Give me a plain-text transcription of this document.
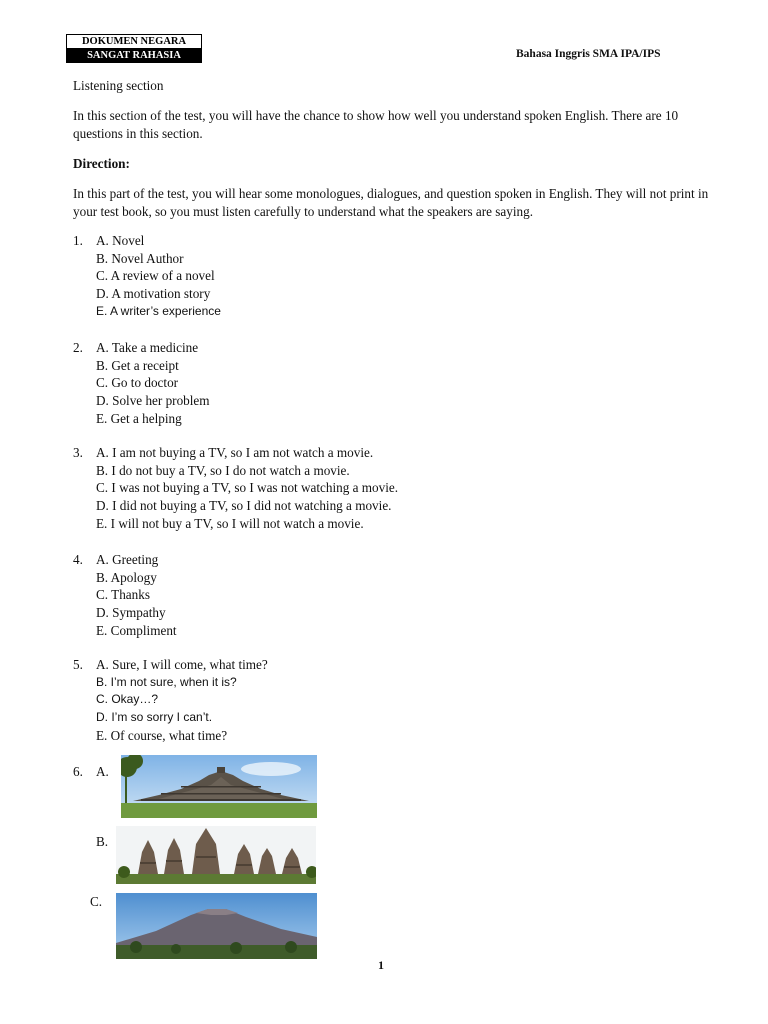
DOKUMEN NEGARA
SANGAT RAHASIA	Bahasa Inggris SMA IPA/IPS
Listening section
In this section of the test, you will have the chance to show how well you understand spoken English. There are 10 questions in this section.
Direction:
In this part of the test, you will hear some monologues, dialogues, and question spoken in English. They will not print in your test book, so you must listen carefully to understand what the speakers are saying.
1. A. Novel
B. Novel Author
C. A review of a novel
D. A motivation story
E. A writer’s experience
2. A. Take a medicine
B. Get a receipt
C. Go to doctor
D. Solve her problem
E. Get a helping
3. A. I am not buying a TV, so I am not watch a movie.
B. I do not buy a TV, so I do not watch a movie.
C. I was not buying a TV, so I was not watching a movie.
D. I did not buying a TV, so I did not watching a movie.
E. I will not buy a TV, so I will not watch a movie.
4. A. Greeting
B. Apology
C. Thanks
D. Sympathy
E. Compliment
5. A. Sure, I will come, what time?
B. I’m not sure, when it is?
C. Okay…?
D. I’m so sorry I can’t.
E. Of course, what time?
6. A.
B.
C.
1
